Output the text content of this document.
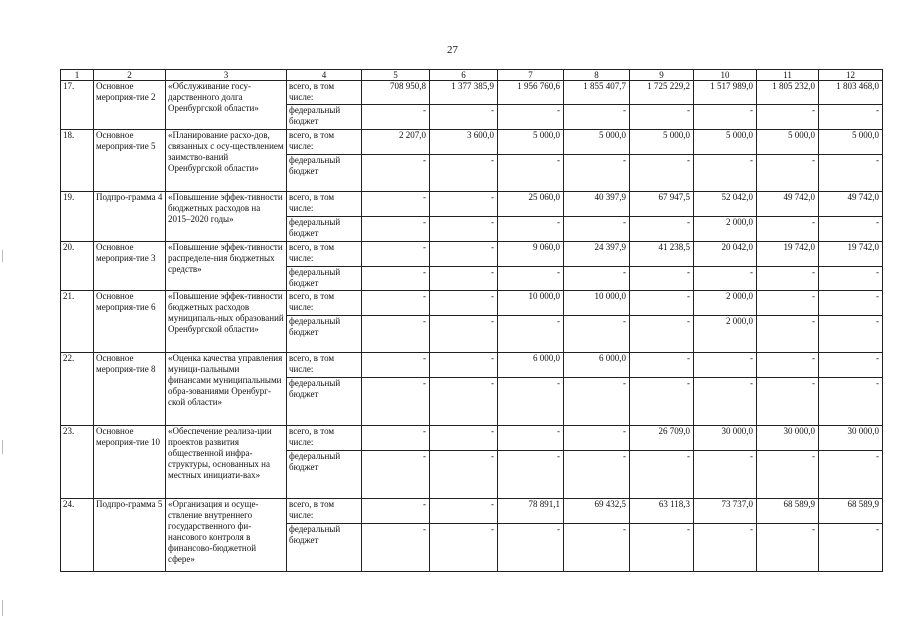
27
1	2	3	4	5	6	7	8	9	10	11	12
17.	Основное мероприя-тие 2	«Обслуживание госу-дарственного долга Оренбургской области»	всего, в том числе:	708 950,8	1 377 385,9	1 956 760,6	1 855 407,7	1 725 229,2	1 517 989,0	1 805 232,0	1 803 468,0
			федеральный бюджет	-	-	-	-	-	-	-	-
18.	Основное мероприя-тие 5	«Планирование расхо-дов, связанных с осу-ществлением заимство-ваний Оренбургской области»	всего, в том числе:	2 207,0	3 600,0	5 000,0	5 000,0	5 000,0	5 000,0	5 000,0	5 000,0
			федеральный бюджет	-	-	-	-	-	-	-	-
19.	Подпро-грамма 4	«Повышение эффек-тивности бюджетных расходов на 2015–2020 годы»	всего, в том числе:	-	-	25 060,0	40 397,9	67 947,5	52 042,0	49 742,0	49 742,0
			федеральный бюджет	-	-	-	-	-	2 000,0	-	-
20.	Основное мероприя-тие 3	«Повышение эффек-тивности распределе-ния бюджетных средств»	всего, в том числе:	-	-	9 060,0	24 397,9	41 238,5	20 042,0	19 742,0	19 742,0
			федеральный бюджет	-	-	-	-	-	-	-	-
21.	Основное мероприя-тие 6	«Повышение эффек-тивности бюджетных расходов муниципаль-ных образований Оренбургской области»	всего, в том числе:	-	-	10 000,0	10 000,0	-	2 000,0	-	-
			федеральный бюджет	-	-	-	-	-	2 000,0	-	-
22.	Основное мероприя-тие 8	«Оценка качества управления муници-пальными финансами муниципальными обра-зованиями Оренбург-ской области»	всего, в том числе:	-	-	6 000,0	6 000,0	-	-	-	-
			федеральный бюджет	-	-	-	-	-	-	-	-
23.	Основное мероприя-тие 10	«Обеспечение реализа-ции проектов развития общественной инфра-структуры, основанных на местных инициати-вах»	всего, в том числе:	-	-	-	-	26 709,0	30 000,0	30 000,0	30 000,0
			федеральный бюджет	-	-	-	-	-	-	-	-
24.	Подпро-грамма 5	«Организация и осуще-ствление внутреннего государственного фи-нансового контроля в финансово-бюджетной сфере»	всего, в том числе:	-	-	78 891,1	69 432,5	63 118,3	73 737,0	68 589,9	68 589,9
			федеральный бюджет	-	-	-	-	-	-	-	-
